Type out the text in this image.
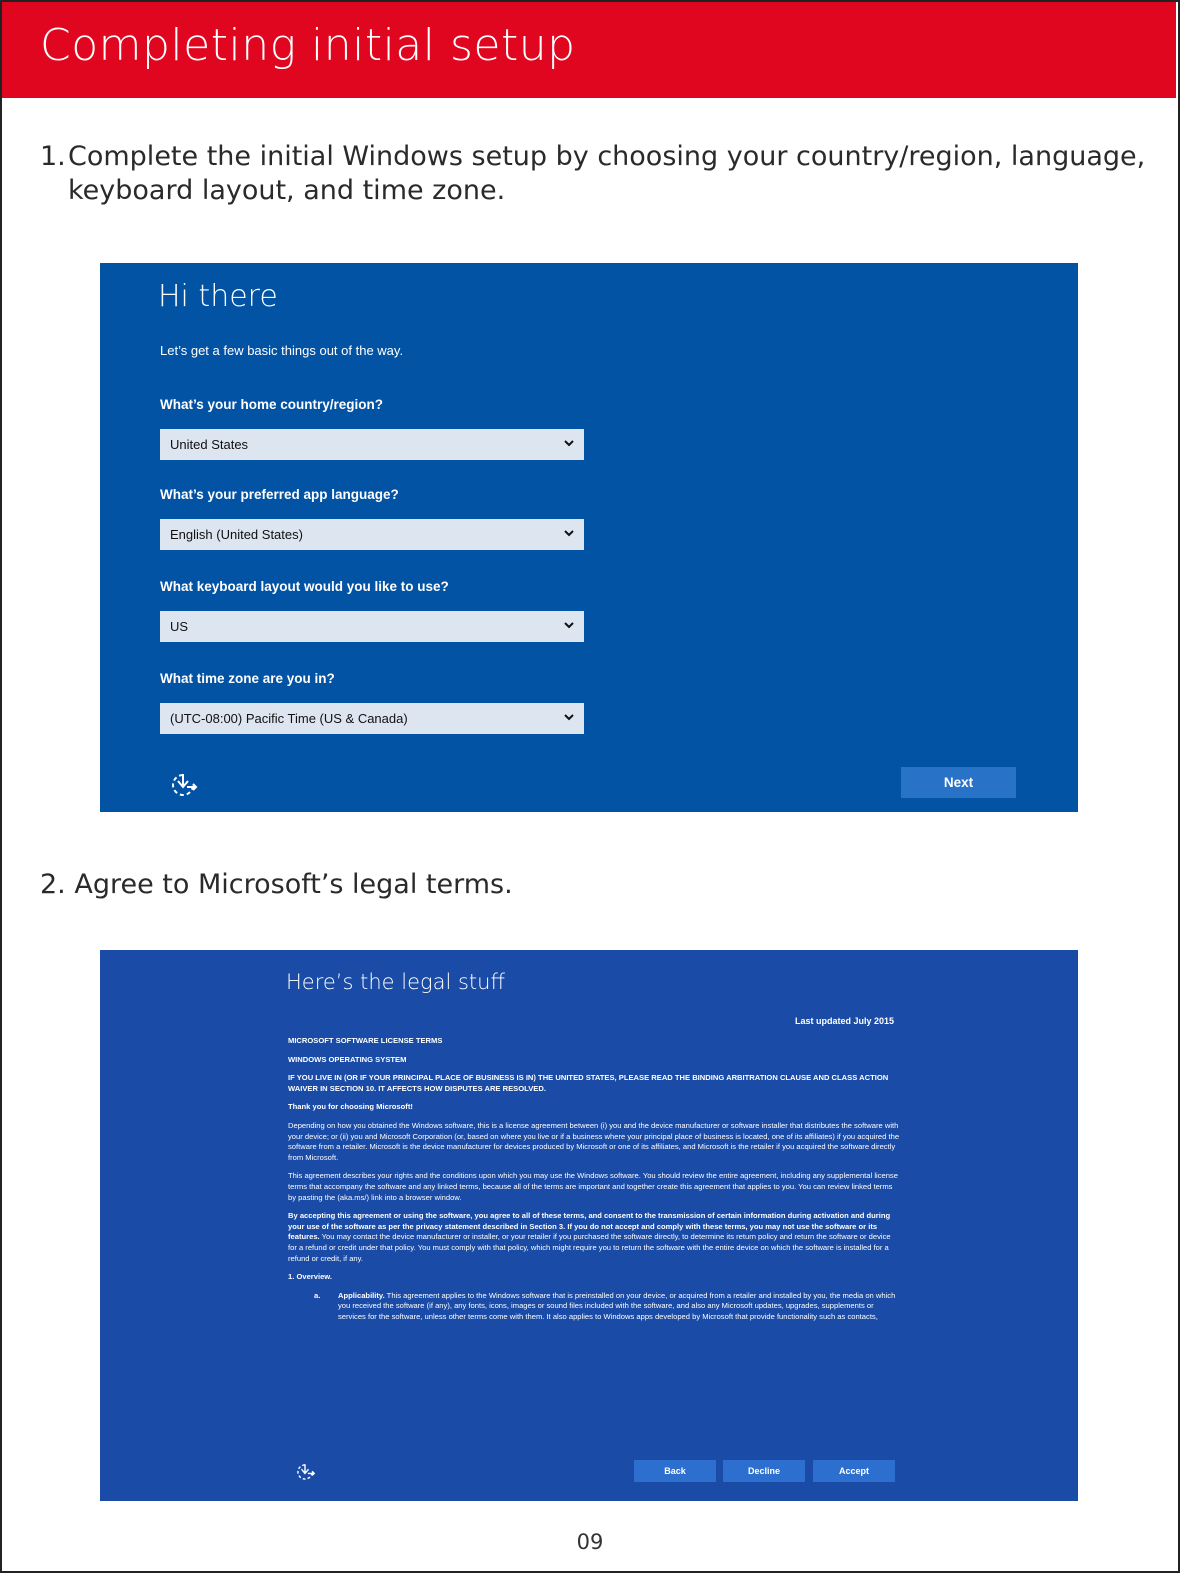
Completing initial setup
1. Complete the initial Windows setup by choosing your country/region, language, keyboard layout, and time zone.
Hi there
Let’s get a few basic things out of the way.
What’s your home country/region?
United States
What’s your preferred app language?
English (United States)
What keyboard layout would you like to use?
US
What time zone are you in?
(UTC-08:00) Pacific Time (US & Canada)
Next
2. Agree to Microsoft’s legal terms.
Here’s the legal stuff
Last updated July 2015

MICROSOFT SOFTWARE LICENSE TERMS

WINDOWS OPERATING SYSTEM

IF YOU LIVE IN (OR IF YOUR PRINCIPAL PLACE OF BUSINESS IS IN) THE UNITED STATES, PLEASE READ THE BINDING ARBITRATION CLAUSE AND CLASS ACTION WAIVER IN SECTION 10. IT AFFECTS HOW DISPUTES ARE RESOLVED.

Thank you for choosing Microsoft!

Depending on how you obtained the Windows software, this is a license agreement between (i) you and the device manufacturer or software installer that distributes the software with your device; or (ii) you and Microsoft Corporation (or, based on where you live or if a business where your principal place of business is located, one of its affiliates) if you acquired the software from a retailer. Microsoft is the device manufacturer for devices produced by Microsoft or one of its affiliates, and Microsoft is the retailer if you acquired the software directly from Microsoft.

This agreement describes your rights and the conditions upon which you may use the Windows software. You should review the entire agreement, including any supplemental license terms that accompany the software and any linked terms, because all of the terms are important and together create this agreement that applies to you. You can review linked terms by pasting the (aka.ms/) link into a browser window.

By accepting this agreement or using the software, you agree to all of these terms, and consent to the transmission of certain information during activation and during your use of the software as per the privacy statement described in Section 3. If you do not accept and comply with these terms, you may not use the software or its features. You may contact the device manufacturer or installer, or your retailer if you purchased the software directly, to determine its return policy and return the software or device for a refund or credit under that policy. You must comply with that policy, which might require you to return the software with the entire device on which the software is installed for a refund or credit, if any.

1. Overview.

a.	Applicability. This agreement applies to the Windows software that is preinstalled on your device, or acquired from a retailer and installed by you, the media on which you received the software (if any), any fonts, icons, images or sound files included with the software, and also any Microsoft updates, upgrades, supplements or services for the software, unless other terms come with them. It also applies to Windows apps developed by Microsoft that provide functionality such as contacts,
Back	Decline	Accept
09
